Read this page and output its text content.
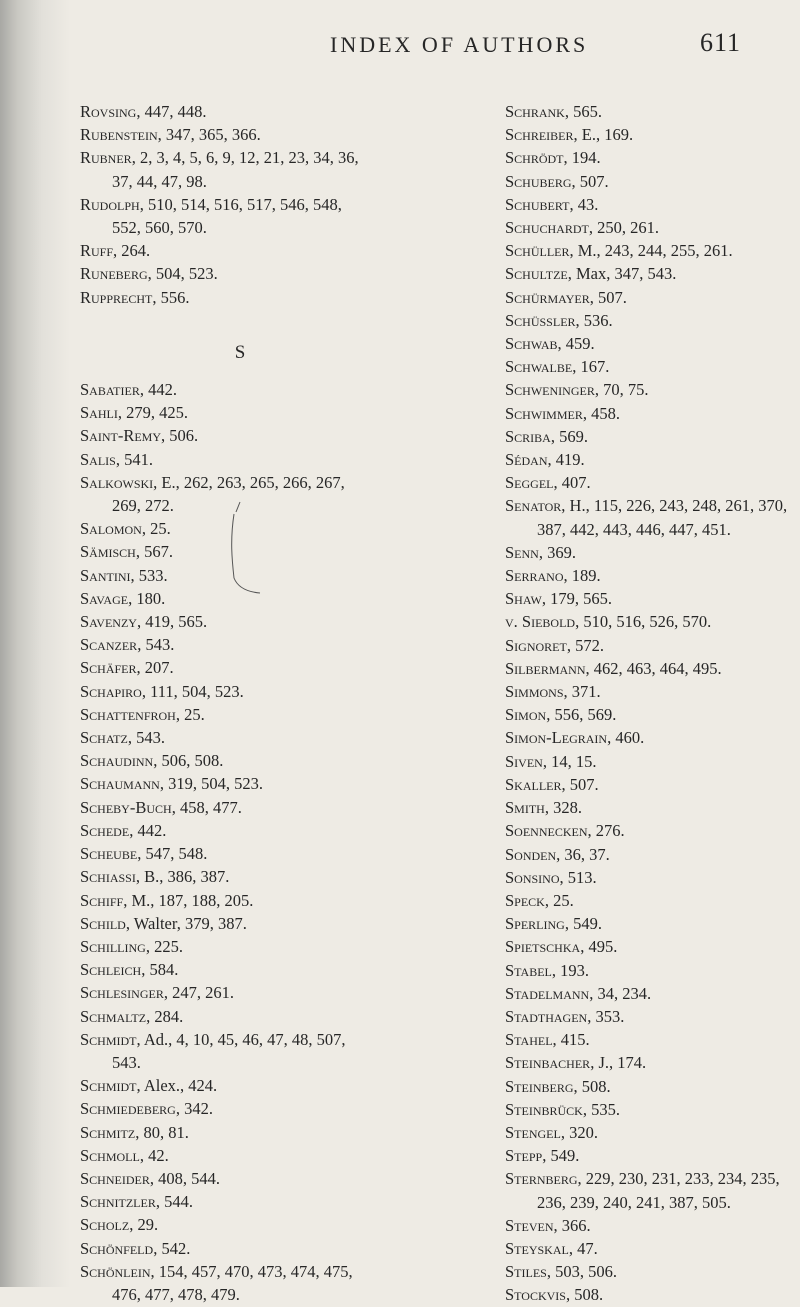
INDEX OF AUTHORS	611
Rovsing, 447, 448.
Rubenstein, 347, 365, 366.
Rubner, 2, 3, 4, 5, 6, 9, 12, 21, 23, 34, 36,
37, 44, 47, 98.
Rudolph, 510, 514, 516, 517, 546, 548,
552, 560, 570.
Ruff, 264.
Runeberg, 504, 523.
Rupprecht, 556.
S
Sabatier, 442.
Sahli, 279, 425.
Saint-Remy, 506.
Salis, 541.
Salkowski, E., 262, 263, 265, 266, 267,
269, 272.
Salomon, 25.
Sämisch, 567.
Santini, 533.
Savage, 180.
Savenzy, 419, 565.
Scanzer, 543.
Schäfer, 207.
Schapiro, 111, 504, 523.
Schattenfroh, 25.
Schatz, 543.
Schaudinn, 506, 508.
Schaumann, 319, 504, 523.
Scheby-Buch, 458, 477.
Schede, 442.
Scheube, 547, 548.
Schiassi, B., 386, 387.
Schiff, M., 187, 188, 205.
Schild, Walter, 379, 387.
Schilling, 225.
Schleich, 584.
Schlesinger, 247, 261.
Schmaltz, 284.
Schmidt, Ad., 4, 10, 45, 46, 47, 48, 507,
543.
Schmidt, Alex., 424.
Schmiedeberg, 342.
Schmitz, 80, 81.
Schmoll, 42.
Schneider, 408, 544.
Schnitzler, 544.
Scholz, 29.
Schönfeld, 542.
Schönlein, 154, 457, 470, 473, 474, 475,
476, 477, 478, 479.
Schrank, 565.
Schreiber, E., 169.
Schrödt, 194.
Schuberg, 507.
Schubert, 43.
Schuchardt, 250, 261.
Schüller, M., 243, 244, 255, 261.
Schultze, Max, 347, 543.
Schürmayer, 507.
Schüssler, 536.
Schwab, 459.
Schwalbe, 167.
Schweninger, 70, 75.
Schwimmer, 458.
Scriba, 569.
Sédan, 419.
Seggel, 407.
Senator, H., 115, 226, 243, 248, 261, 370,
387, 442, 443, 446, 447, 451.
Senn, 369.
Serrano, 189.
Shaw, 179, 565.
v. Siebold, 510, 516, 526, 570.
Signoret, 572.
Silbermann, 462, 463, 464, 495.
Simmons, 371.
Simon, 556, 569.
Simon-Legrain, 460.
Siven, 14, 15.
Skaller, 507.
Smith, 328.
Soennecken, 276.
Sonden, 36, 37.
Sonsino, 513.
Speck, 25.
Sperling, 549.
Spietschka, 495.
Stabel, 193.
Stadelmann, 34, 234.
Stadthagen, 353.
Stahel, 415.
Steinbacher, J., 174.
Steinberg, 508.
Steinbrück, 535.
Stengel, 320.
Stepp, 549.
Sternberg, 229, 230, 231, 233, 234, 235,
236, 239, 240, 241, 387, 505.
Steven, 366.
Steyskal, 47.
Stiles, 503, 506.
Stockvis, 508.
